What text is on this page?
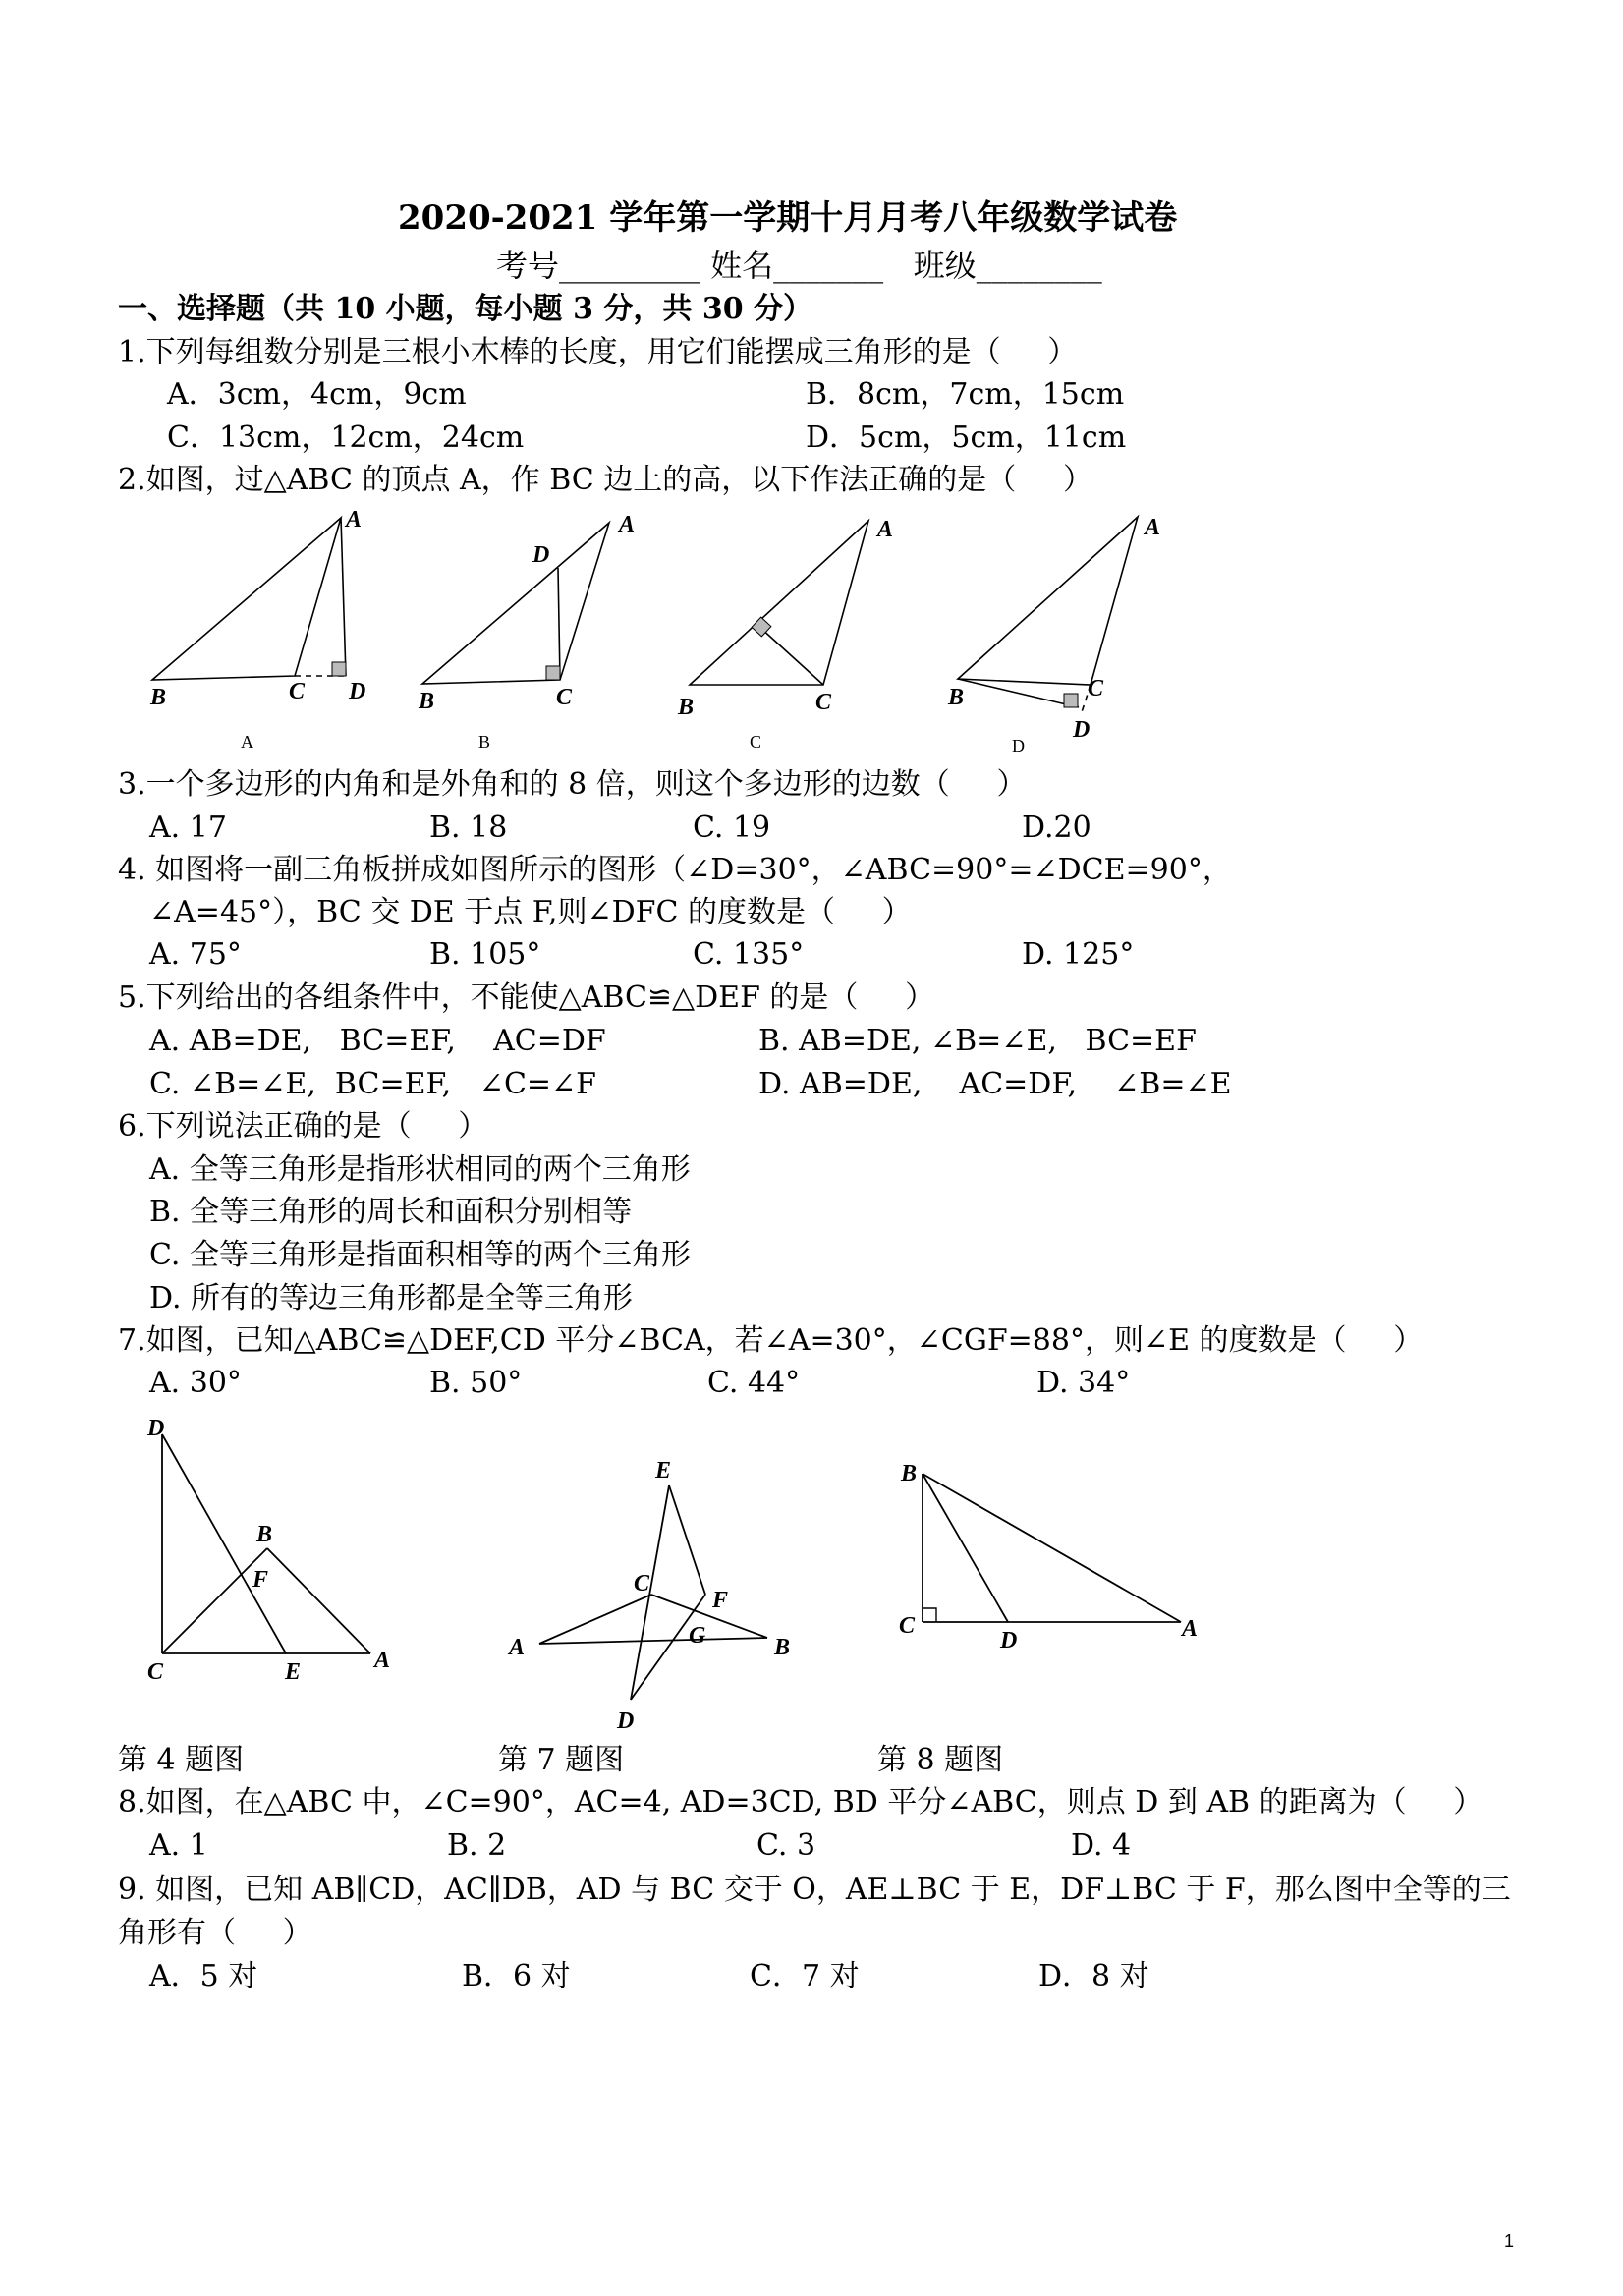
2020-2021 学年第一学期十月月考八年级数学试卷
考号_________ 姓名_______   班级________
一、选择题（共 10 小题，每小题 3 分，共 30 分）
1.下列每组数分别是三根小木棒的长度，用它们能摆成三角形的是（     ）
A．3cm，4cm，9cm	B．8cm，7cm，15cm
C．13cm，12cm，24cm	D．5cm，5cm，11cm
2.如图，过△ABC 的顶点 A，作 BC 边上的高，以下作法正确的是（     ）
A
B	C D
A
A
D
B	C
B
A
B	C
C
A
B	C
D
D
3.一个多边形的内角和是外角和的 8 倍，则这个多边形的边数（     ）
A. 17	B. 18	C. 19	D.20
4. 如图将一副三角板拼成如图所示的图形（∠D=30°，∠ABC=90°=∠DCE=90°，
∠A=45°），BC 交 DE 于点 F,则∠DFC 的度数是（     ）
A. 75°	B. 105°	C. 135°	D. 125°
5.下列给出的各组条件中，不能使△ABC≌△DEF 的是（     ）
A. AB=DE,   BC=EF,    AC=DF	B. AB=DE, ∠B=∠E,   BC=EF
C. ∠B=∠E,  BC=EF,   ∠C=∠F	D. AB=DE,    AC=DF,    ∠B=∠E
6.下列说法正确的是（     ）
A. 全等三角形是指形状相同的两个三角形
B. 全等三角形的周长和面积分别相等
C. 全等三角形是指面积相等的两个三角形
D. 所有的等边三角形都是全等三角形
7.如图，已知△ABC≌△DEF,CD 平分∠BCA，若∠A=30°，∠CGF=88°，则∠E 的度数是（     ）
A. 30°	B. 50°	C. 44°	D. 34°
D
B
F
C	E	A
E
C
F
A	G	B
D
B
C
D	A
第 4 题图	第 7 题图	第 8 题图
8.如图，在△ABC 中，∠C=90°，AC=4, AD=3CD, BD 平分∠ABC，则点 D 到 AB 的距离为（     ）
A. 1	B. 2	C. 3	D. 4
9. 如图，已知 AB∥CD，AC∥DB，AD 与 BC 交于 O，AE⊥BC 于 E，DF⊥BC 于 F，那么图中全等的三
角形有（     ）
A．5 对	B．6 对	C．7 对	D．8 对
1
